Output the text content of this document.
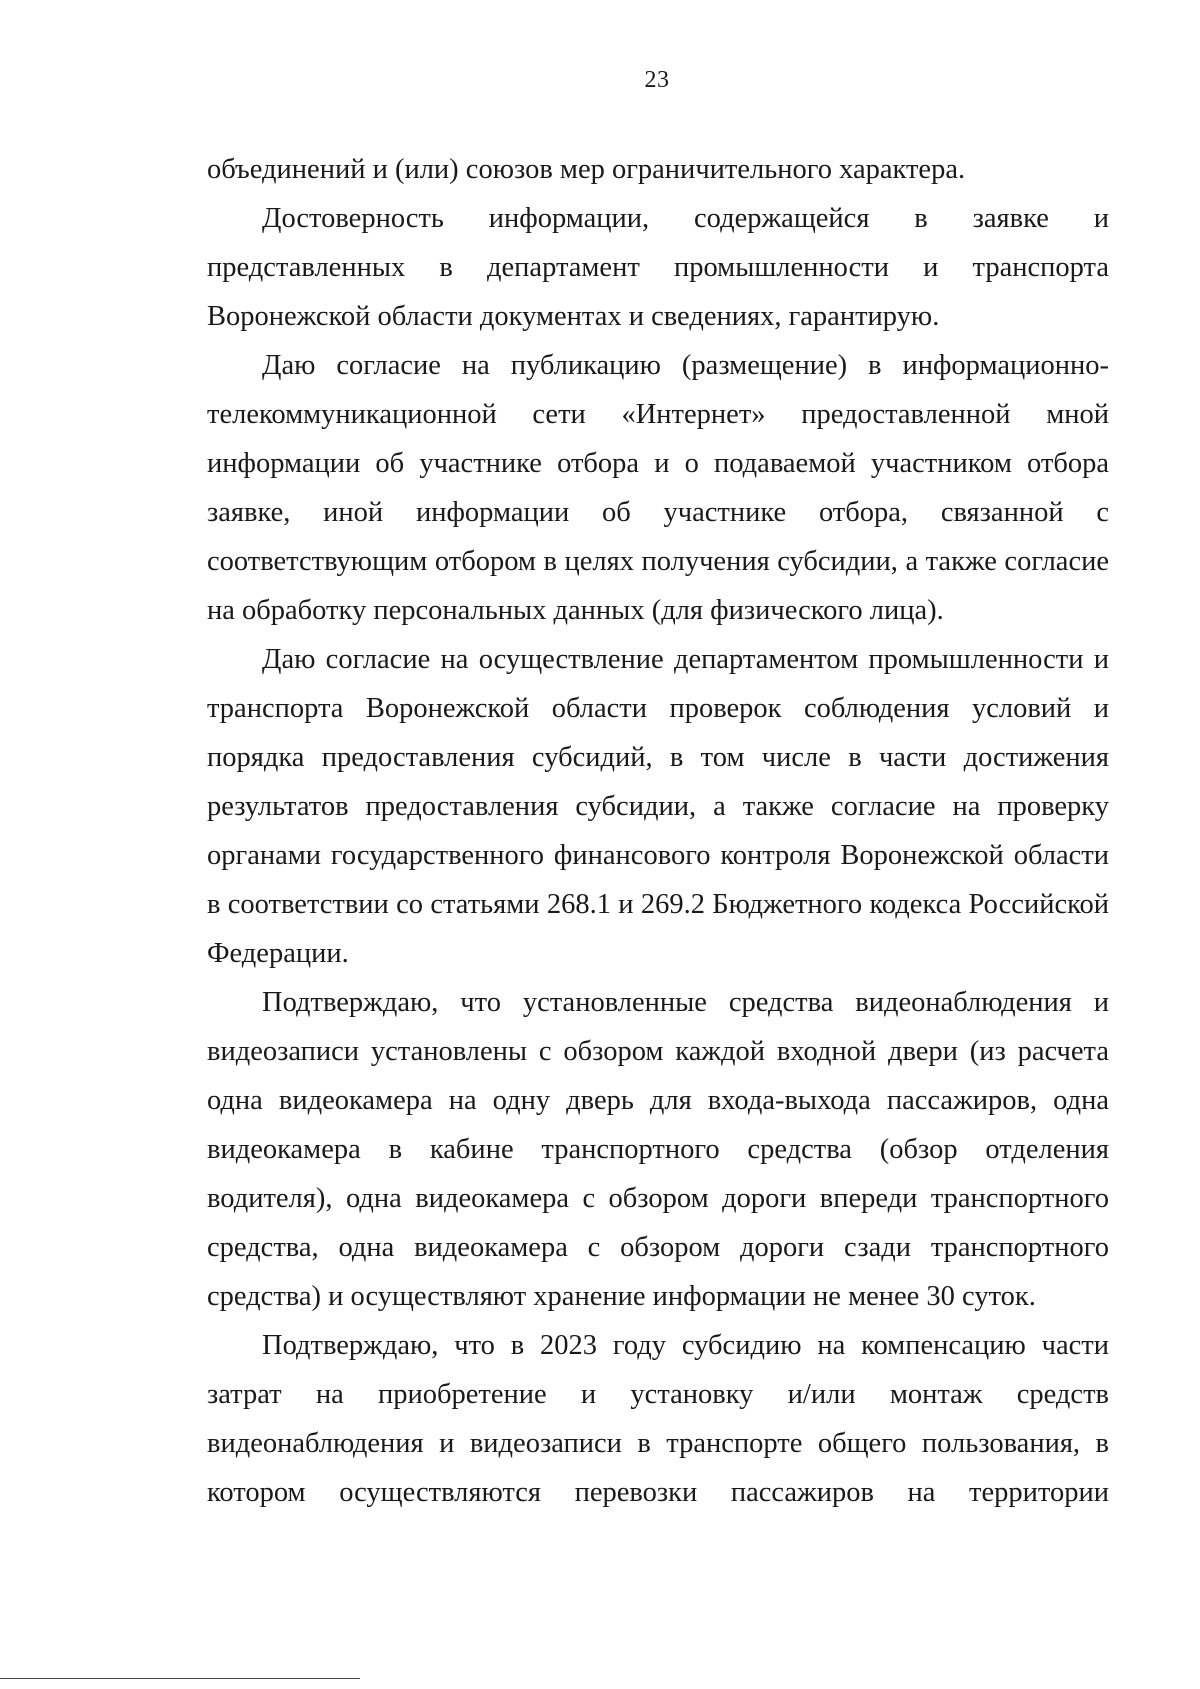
23

объединений и (или) союзов мер ограничительного характера.

Достоверность информации, содержащейся в заявке и представленных в департамент промышленности и транспорта Воронежской области документах и сведениях, гарантирую.

Даю согласие на публикацию (размещение) в информационно-телекоммуникационной сети «Интернет» предоставленной мной информации об участнике отбора и о подаваемой участником отбора заявке, иной информации об участнике отбора, связанной с соответствующим отбором в целях получения субсидии, а также согласие на обработку персональных данных (для физического лица).

Даю согласие на осуществление департаментом промышленности и транспорта Воронежской области проверок соблюдения условий и порядка предоставления субсидий, в том числе в части достижения результатов предоставления субсидии, а также согласие на проверку органами государственного финансового контроля Воронежской области в соответствии со статьями 268.1 и 269.2 Бюджетного кодекса Российской Федерации.

Подтверждаю, что установленные средства видеонаблюдения и видеозаписи установлены с обзором каждой входной двери (из расчета одна видеокамера на одну дверь для входа-выхода пассажиров, одна видеокамера в кабине транспортного средства (обзор отделения водителя), одна видеокамера с обзором дороги впереди транспортного средства, одна видеокамера с обзором дороги сзади транспортного средства) и осуществляют хранение информации не менее 30 суток.

Подтверждаю, что в 2023 году субсидию на компенсацию части затрат на приобретение и установку и/или монтаж средств видеонаблюдения и видеозаписи в транспорте общего пользования, в котором осуществляются перевозки пассажиров на территории
